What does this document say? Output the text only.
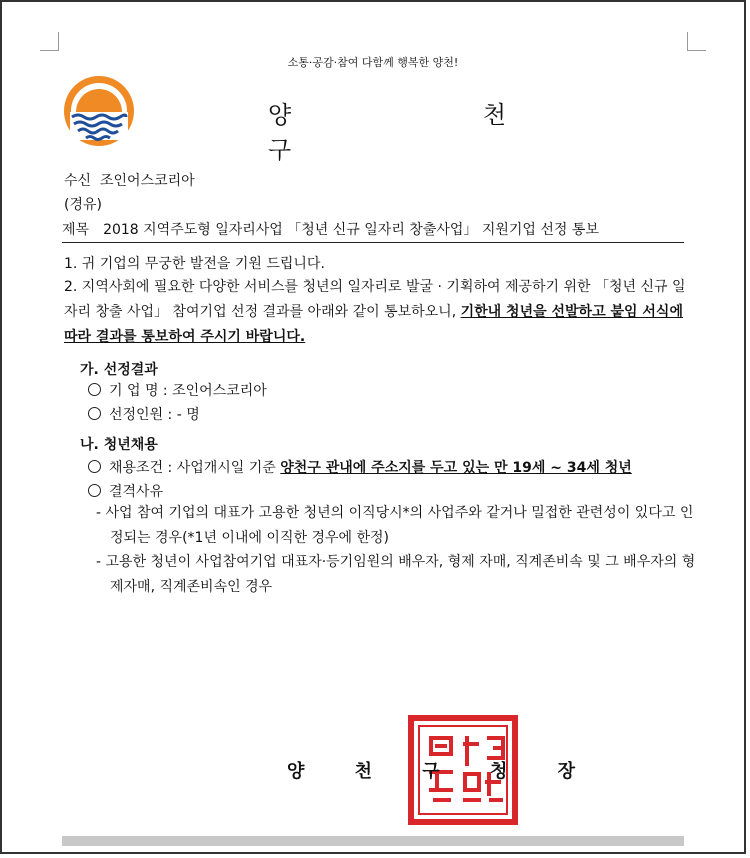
소통·공감·참여 다함께 행복한 양천!
양 천 구
수신 조인어스코리아
(경유)
제목 2018 지역주도형 일자리사업 「청년 신규 일자리 창출사업」 지원기업 선정 통보
1. 귀 기업의 무궁한 발전을 기원 드립니다.
2. 지역사회에 필요한 다양한 서비스를 청년의 일자리로 발굴 · 기획하여 제공하기 위한 「청년 신규 일자리 창출 사업」 참여기업 선정 결과를 아래와 같이 통보하오니, 기한내 청년을 선발하고 붙임 서식에 따라 결과를 통보하여 주시기 바랍니다.
가. 선정결과
기 업 명 : 조인어스코리아
선정인원 : - 명
나. 청년채용
채용조건 : 사업개시일 기준 양천구 관내에 주소지를 두고 있는 만 19세 ~ 34세 청년
결격사유
- 사업 참여 기업의 대표가 고용한 청년의 이직당시*의 사업주와 같거나 밀접한 관련성이 있다고 인정되는 경우(*1년 이내에 이직한 경우에 한정)
- 고용한 청년이 사업참여기업 대표자·등기임원의 배우자, 형제 자매, 직계존비속 및 그 배우자의 형제자매, 직계존비속인 경우
양 천 구 청 장
